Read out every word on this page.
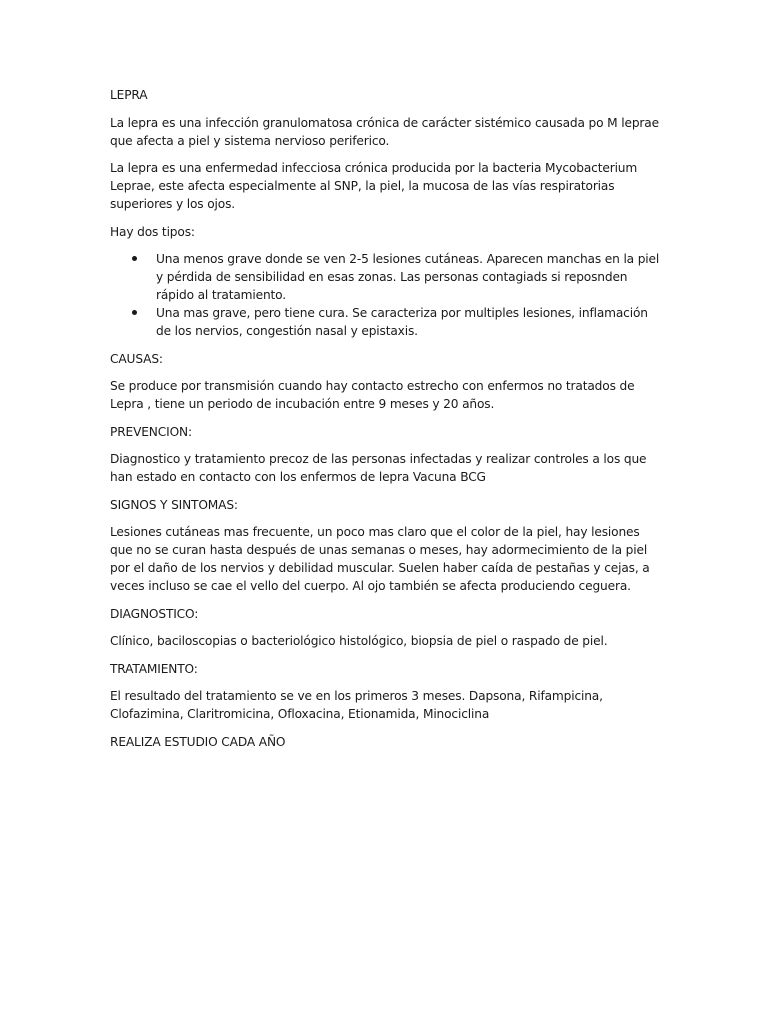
LEPRA

La lepra es una infección granulomatosa crónica de carácter sistémico causada po M leprae que afecta a piel y sistema nervioso periferico.

La lepra es una enfermedad infecciosa crónica producida por la bacteria Mycobacterium Leprae, este afecta especialmente al SNP, la piel, la mucosa de las vías respiratorias superiores y los ojos.

Hay dos tipos:

Una menos grave donde se ven 2-5 lesiones cutáneas. Aparecen manchas en la piel y pérdida de sensibilidad en esas zonas. Las personas contagiads si reposnden rápido al tratamiento.
Una mas grave, pero tiene cura. Se caracteriza por multiples lesiones, inflamación de los nervios, congestión nasal y epistaxis.

CAUSAS:

Se produce por transmisión cuando hay contacto estrecho con enfermos no tratados de Lepra , tiene un periodo de incubación entre 9 meses y 20 años.

PREVENCION:

Diagnostico y tratamiento precoz de las personas infectadas y realizar controles a los que han estado en contacto con los enfermos de lepra Vacuna BCG

SIGNOS Y SINTOMAS:

Lesiones cutáneas mas frecuente, un poco mas claro que el color de la piel, hay lesiones que no se curan hasta después de unas semanas o meses, hay adormecimiento de la piel por el daño de los nervios y debilidad muscular. Suelen haber caída de pestañas y cejas, a veces incluso se cae el vello del cuerpo. Al ojo también se afecta produciendo ceguera.

DIAGNOSTICO:

Clínico, baciloscopias o bacteriológico histológico, biopsia de piel o raspado de piel.

TRATAMIENTO:

El resultado del tratamiento se ve en los primeros 3 meses. Dapsona, Rifampicina, Clofazimina, Claritromicina, Ofloxacina, Etionamida, Minociclina

REALIZA ESTUDIO CADA AÑO
